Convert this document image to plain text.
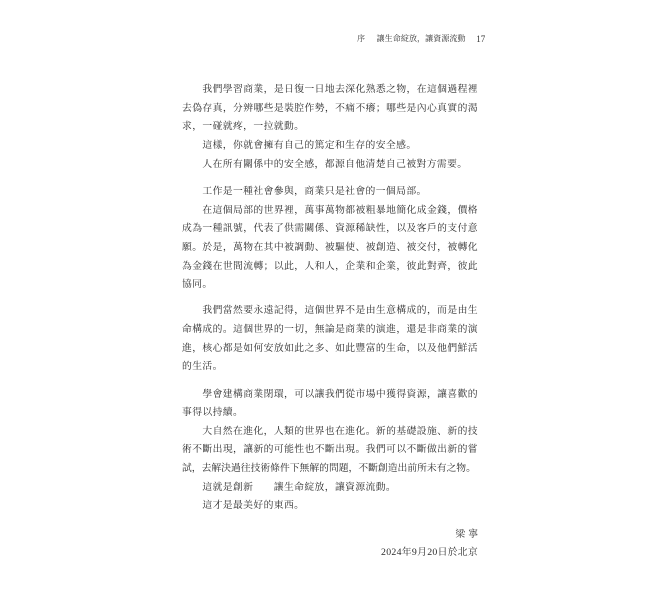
序 讓生命綻放，讓資源流動 17
我們學習商業，是日復一日地去深化熟悉之物，在這個過程裡
去偽存真，分辨哪些是裝腔作勢，不痛不癢；哪些是內心真實的渴
求，一碰就疼，一拉就動。
這樣，你就會擁有自己的篤定和生存的安全感。
人在所有關係中的安全感，都源自他清楚自己被對方需要。
工作是一種社會參與，商業只是社會的一個局部。
在這個局部的世界裡，萬事萬物都被粗暴地簡化成金錢，價格
成為一種訊號，代表了供需關係、資源稀缺性，以及客戶的支付意
願。於是，萬物在其中被調動、被驅使、被創造、被交付，被轉化
為金錢在世間流轉；以此，人和人，企業和企業，彼此對齊，彼此
協同。
我們當然要永遠記得，這個世界不是由生意構成的，而是由生
命構成的。這個世界的一切，無論是商業的演進，還是非商業的演
進，核心都是如何安放如此之多、如此豐富的生命，以及他們鮮活
的生活。
學會建構商業閉環，可以讓我們從市場中獲得資源，讓喜歡的
事得以持續。
大自然在進化，人類的世界也在進化。新的基礎設施、新的技
術不斷出現，讓新的可能性也不斷出現。我們可以不斷做出新的嘗
試，去解決過往技術條件下無解的問題，不斷創造出前所未有之物。
這就是創新　　讓生命綻放，讓資源流動。
這才是最美好的東西。
梁寧
2024年9月20日於北京
